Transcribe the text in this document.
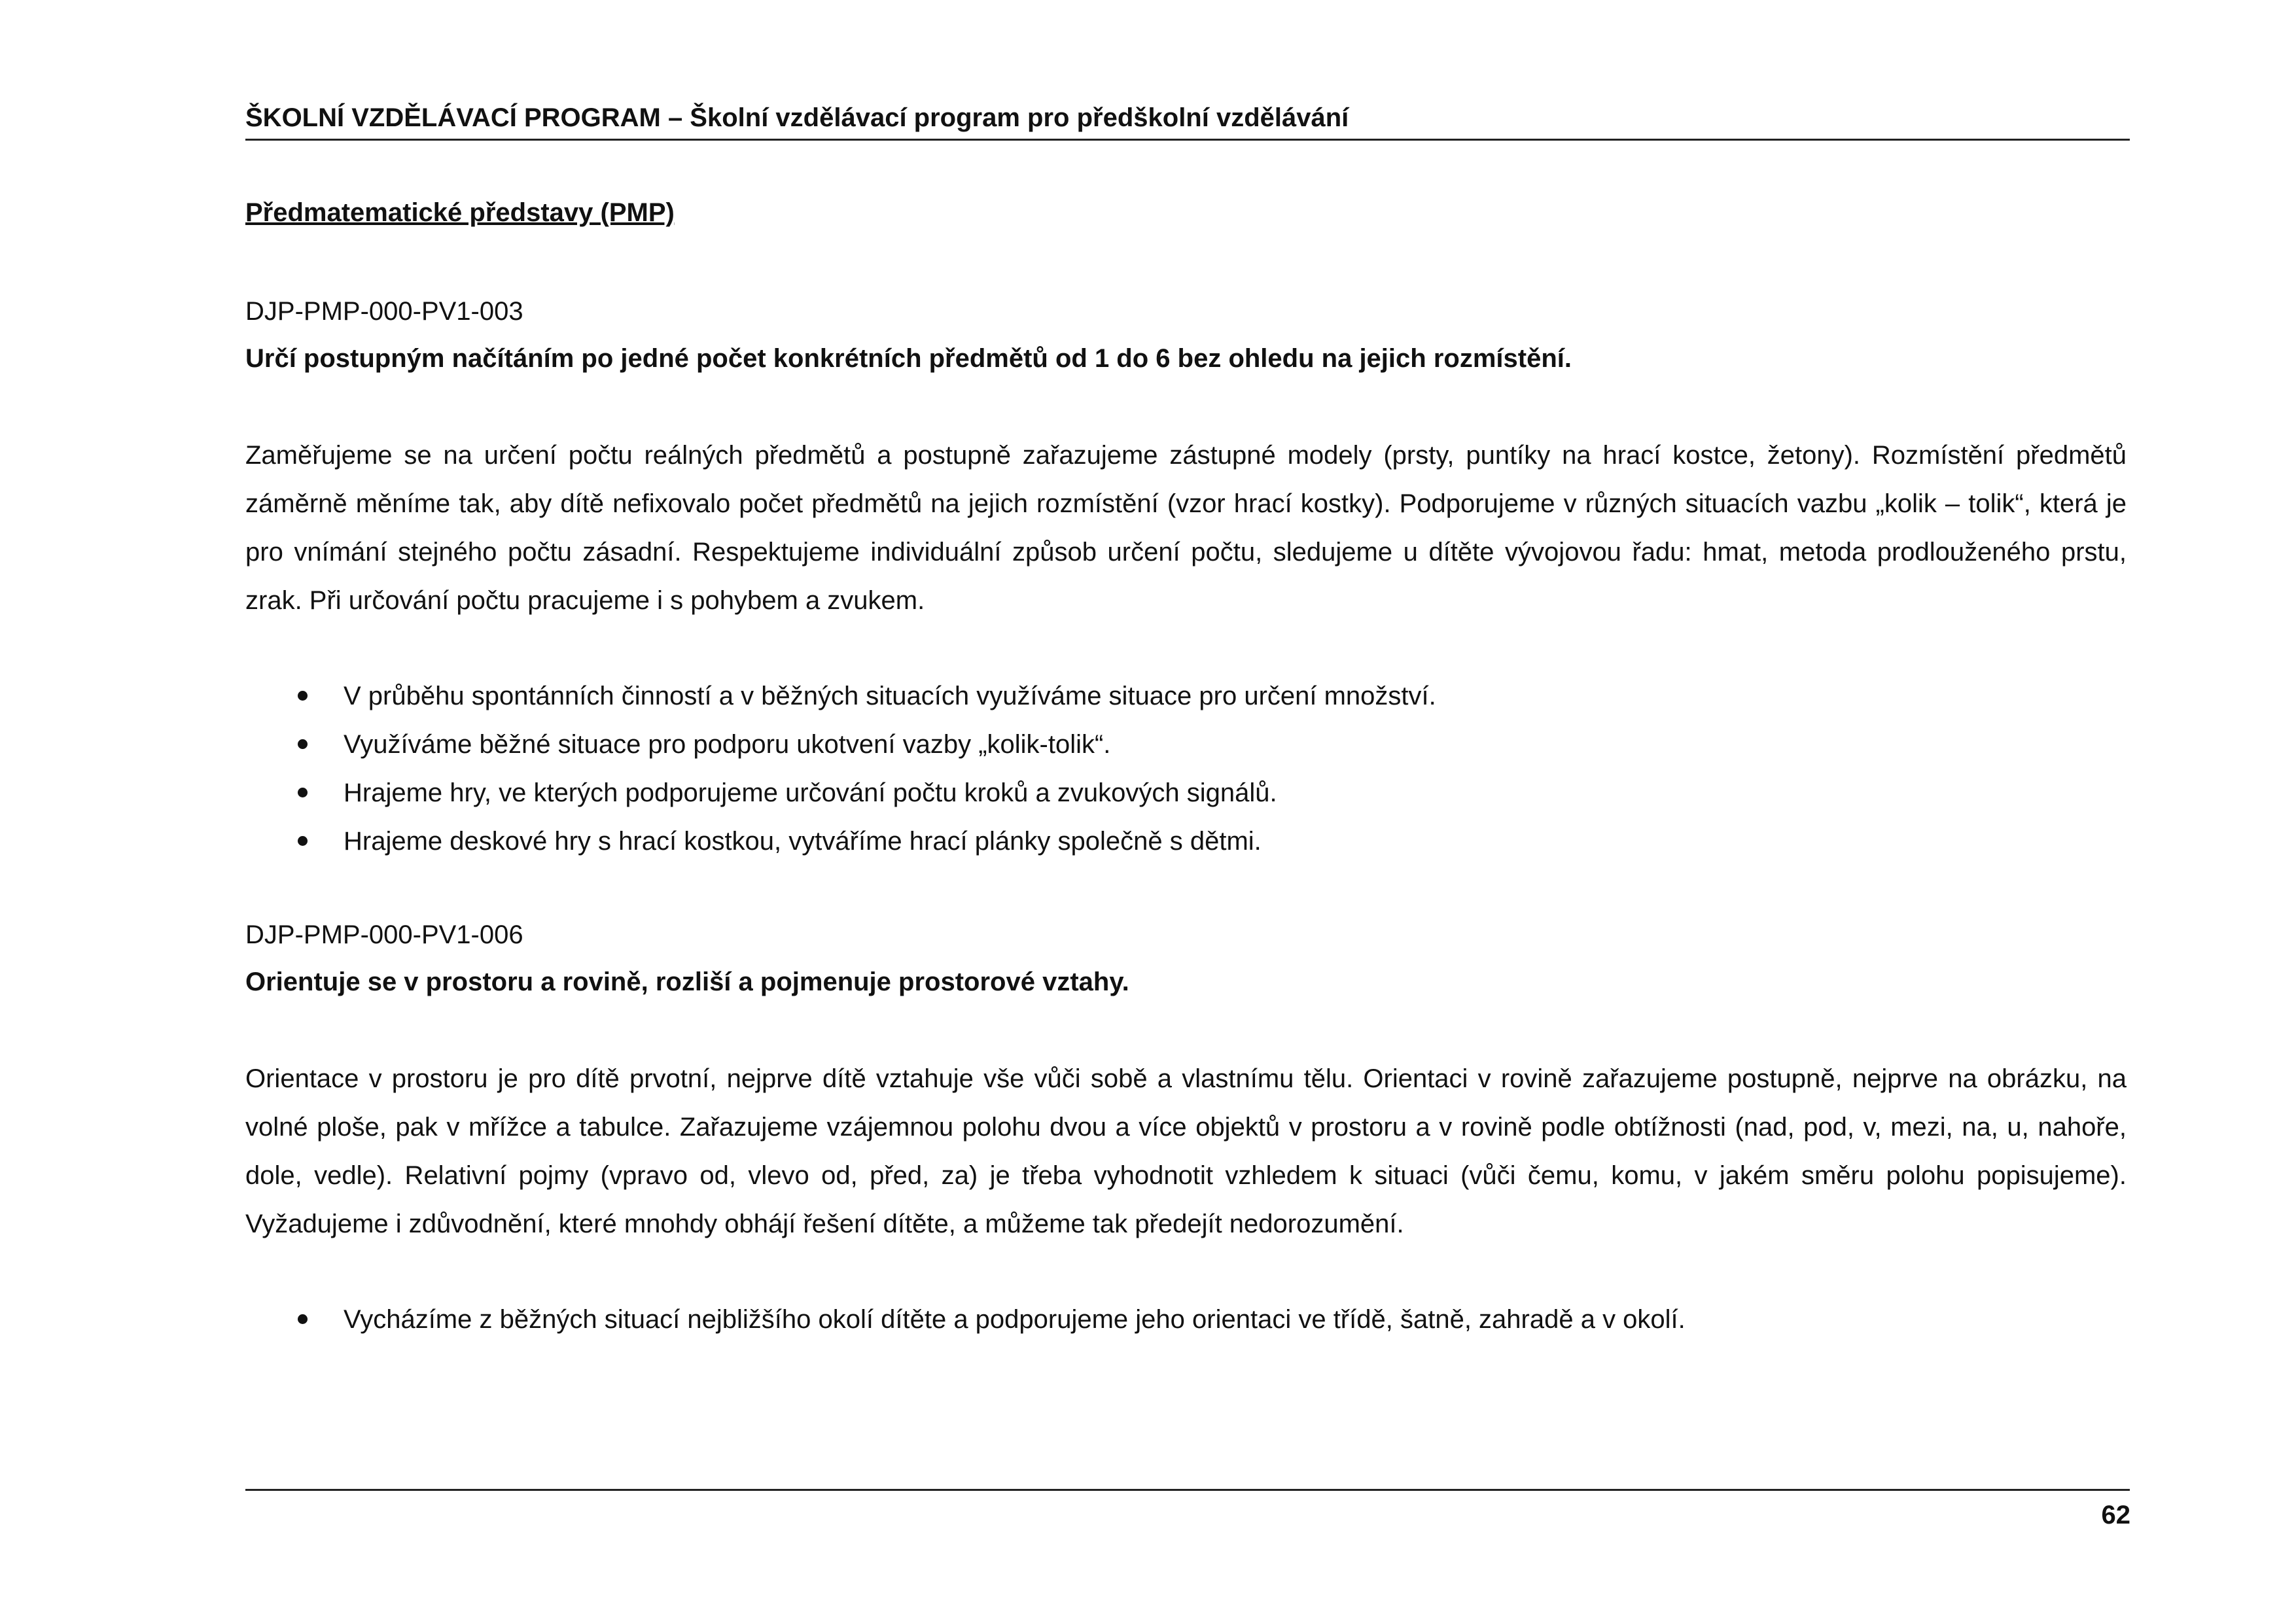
ŠKOLNÍ VZDĚLÁVACÍ PROGRAM – Školní vzdělávací program pro předškolní vzdělávání

Předmatematické představy (PMP)

DJP-PMP-000-PV1-003

Určí postupným načítáním po jedné počet konkrétních předmětů od 1 do 6 bez ohledu na jejich rozmístění.

Zaměřujeme se na určení počtu reálných předmětů a postupně zařazujeme zástupné modely (prsty, puntíky na hrací kostce, žetony). Rozmístění předmětů záměrně měníme tak, aby dítě nefixovalo počet předmětů na jejich rozmístění (vzor hrací kostky). Podporujeme v různých situacích vazbu „kolik – tolik“, která je pro vnímání stejného počtu zásadní. Respektujeme individuální způsob určení počtu, sledujeme u dítěte vývojovou řadu: hmat, metoda prodlouženého prstu, zrak. Při určování počtu pracujeme i s pohybem a zvukem.

V průběhu spontánních činností a v běžných situacích využíváme situace pro určení množství.
Využíváme běžné situace pro podporu ukotvení vazby „kolik-tolik“.
Hrajeme hry, ve kterých podporujeme určování počtu kroků a zvukových signálů.
Hrajeme deskové hry s hrací kostkou, vytváříme hrací plánky společně s dětmi.

DJP-PMP-000-PV1-006

Orientuje se v prostoru a rovině, rozliší a pojmenuje prostorové vztahy.

Orientace v prostoru je pro dítě prvotní, nejprve dítě vztahuje vše vůči sobě a vlastnímu tělu. Orientaci v rovině zařazujeme postupně, nejprve na obrázku, na volné ploše, pak v mřížce a tabulce. Zařazujeme vzájemnou polohu dvou a více objektů v prostoru a v rovině podle obtížnosti (nad, pod, v, mezi, na, u, nahoře, dole, vedle). Relativní pojmy (vpravo od, vlevo od, před, za) je třeba vyhodnotit vzhledem k situaci (vůči čemu, komu, v jakém směru polohu popisujeme). Vyžadujeme i zdůvodnění, které mnohdy obhájí řešení dítěte, a můžeme tak předejít nedorozumění.

Vycházíme z běžných situací nejbližšího okolí dítěte a podporujeme jeho orientaci ve třídě, šatně, zahradě a v okolí.
62
